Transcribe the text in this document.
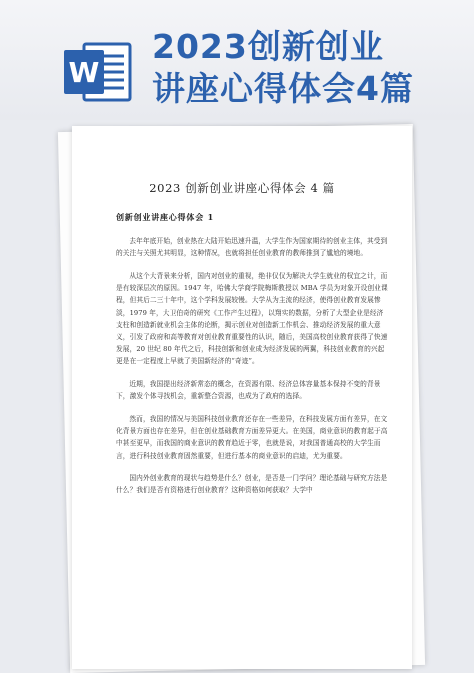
W
2023创新创业
讲座心得体会4篇
2023 创新创业讲座心得体会 4 篇
创新创业讲座心得体会 1

去年年底开始，创业热在大陆开始迅速升温，大学生作为国家期待的创业主体，其受到的关注与关照尤其明显，这种情况，也就将担任创业教育的教师推到了尴尬的境地。

从这个大背景来分析，国内对创业的重视，绝非仅仅为解决大学生就业的权宜之计，而是有较深层次的原因。1947 年，哈佛大学商学院梅斯教授以 MBA 学员为对象开设创业课程，但其后二三十年中，这个学科发展较慢。大学从为主流的经济，使得创业教育发展惨淡，1979 年，大卫伯奇的研究《工作产生过程》，以翔实的数据，分析了大型企业是经济支柱和创造新就业机会主体的论断，揭示创业对创造新工作机会、推动经济发展的重大意义，引发了政府和高等教育对创业教育重要性的认识，随后，美国高校创业教育获得了快速发展，20 世纪 80 年代之后，科技创新和创业成为经济发展的两翼，科技创业教育的兴起更是在一定程度上早就了美国新经济的“奇迹”。

近期，我国提出经济新常态的概念，在资源有限、经济总体容量基本保持不变的背景下，激发个体寻找机会，重新整合资源，也成为了政府的选择。

然而，我国的情况与美国科技创业教育还存在一些差异，在科技发展方面有差异，在文化背景方面也存在差异，但在创业基础教育方面差异更大。在美国，商业意识的教育起于高中甚至更早，而我国的商业意识的教育趋近于零，也就是说，对我国普通高校的大学生而言，进行科技创业教育固然重要，但进行基本的商业意识的启迪，尤为重要。

国内外创业教育的现状与趋势是什么？创业，是否是一门学问？理论基础与研究方法是什么？我们是否有资格进行创业教育？这种资格如何获取？大学中
